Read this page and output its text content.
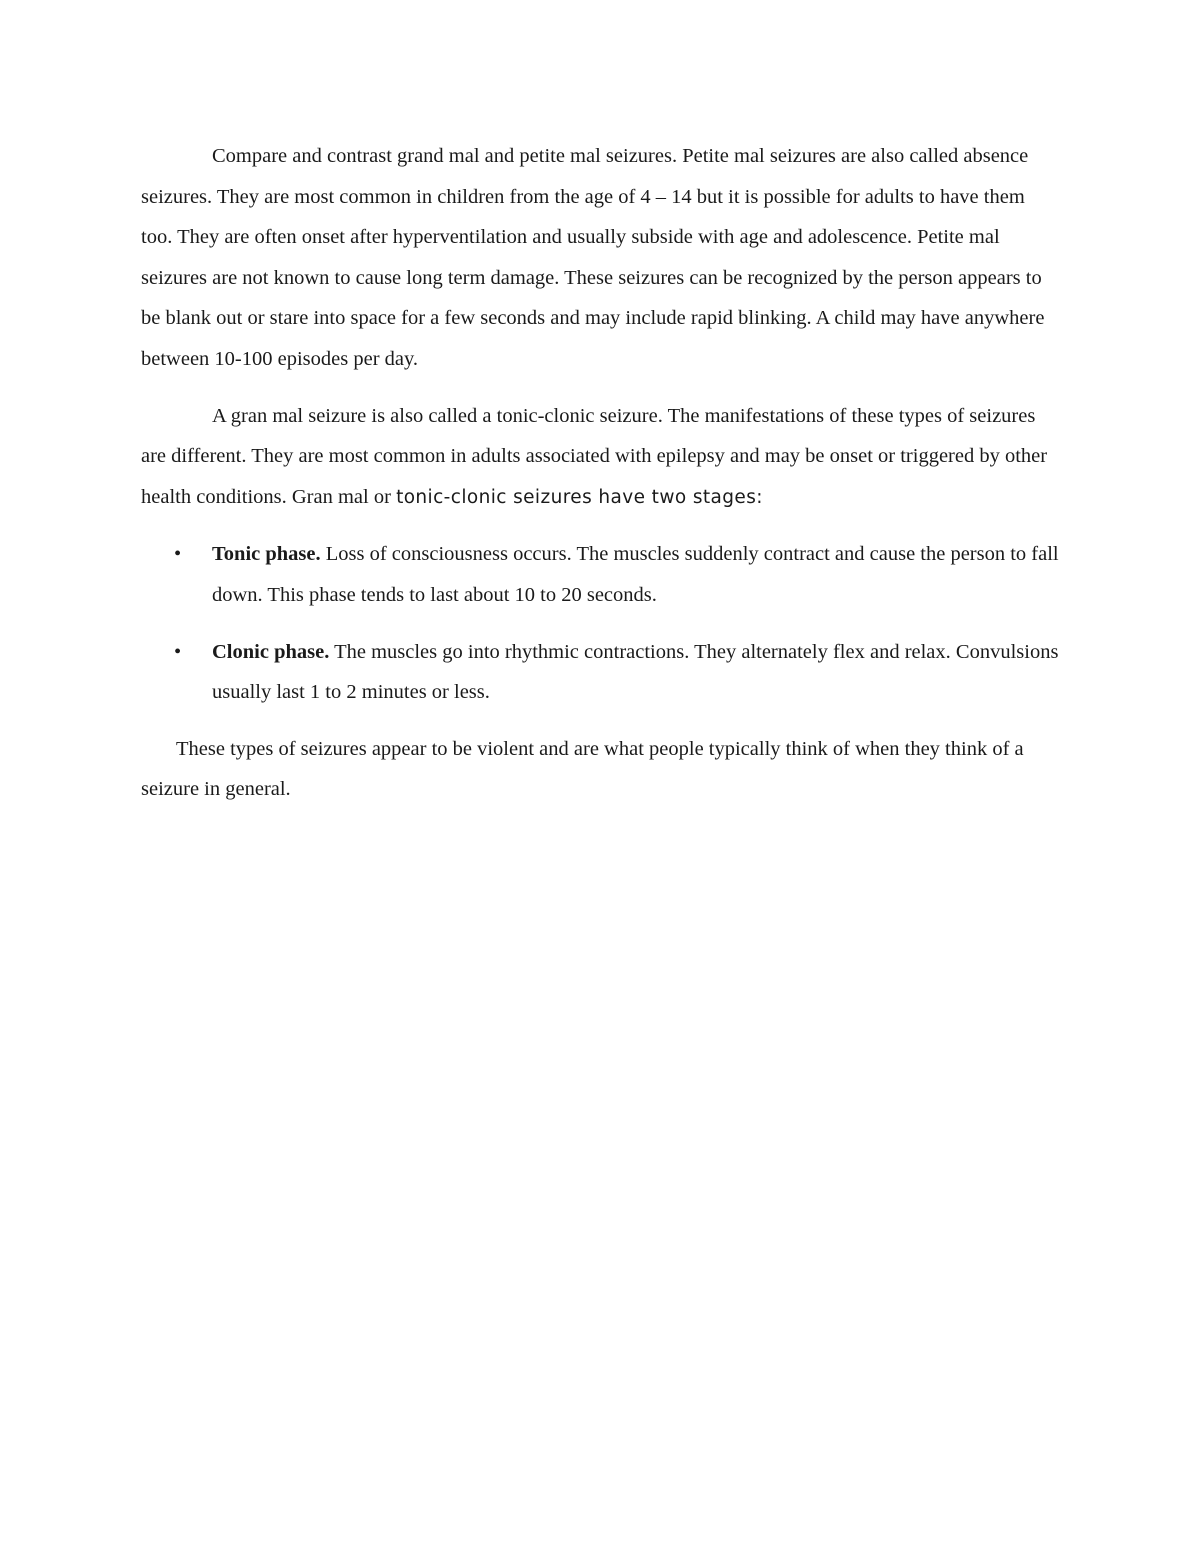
Compare and contrast grand mal and petite mal seizures. Petite mal seizures are also called absence seizures. They are most common in children from the age of 4 – 14 but it is possible for adults to have them too. They are often onset after hyperventilation and usually subside with age and adolescence. Petite mal seizures are not known to cause long term damage. These seizures can be recognized by the person appears to be blank out or stare into space for a few seconds and may include rapid blinking. A child may have anywhere between 10-100 episodes per day.

A gran mal seizure is also called a tonic-clonic seizure. The manifestations of these types of seizures are different. They are most common in adults associated with epilepsy and may be onset or triggered by other health conditions. Gran mal or tonic-clonic seizures have two stages:

•	Tonic phase. Loss of consciousness occurs. The muscles suddenly contract and cause the person to fall down. This phase tends to last about 10 to 20 seconds.
•	Clonic phase. The muscles go into rhythmic contractions. They alternately flex and relax. Convulsions usually last 1 to 2 minutes or less.

These types of seizures appear to be violent and are what people typically think of when they think of a seizure in general.
